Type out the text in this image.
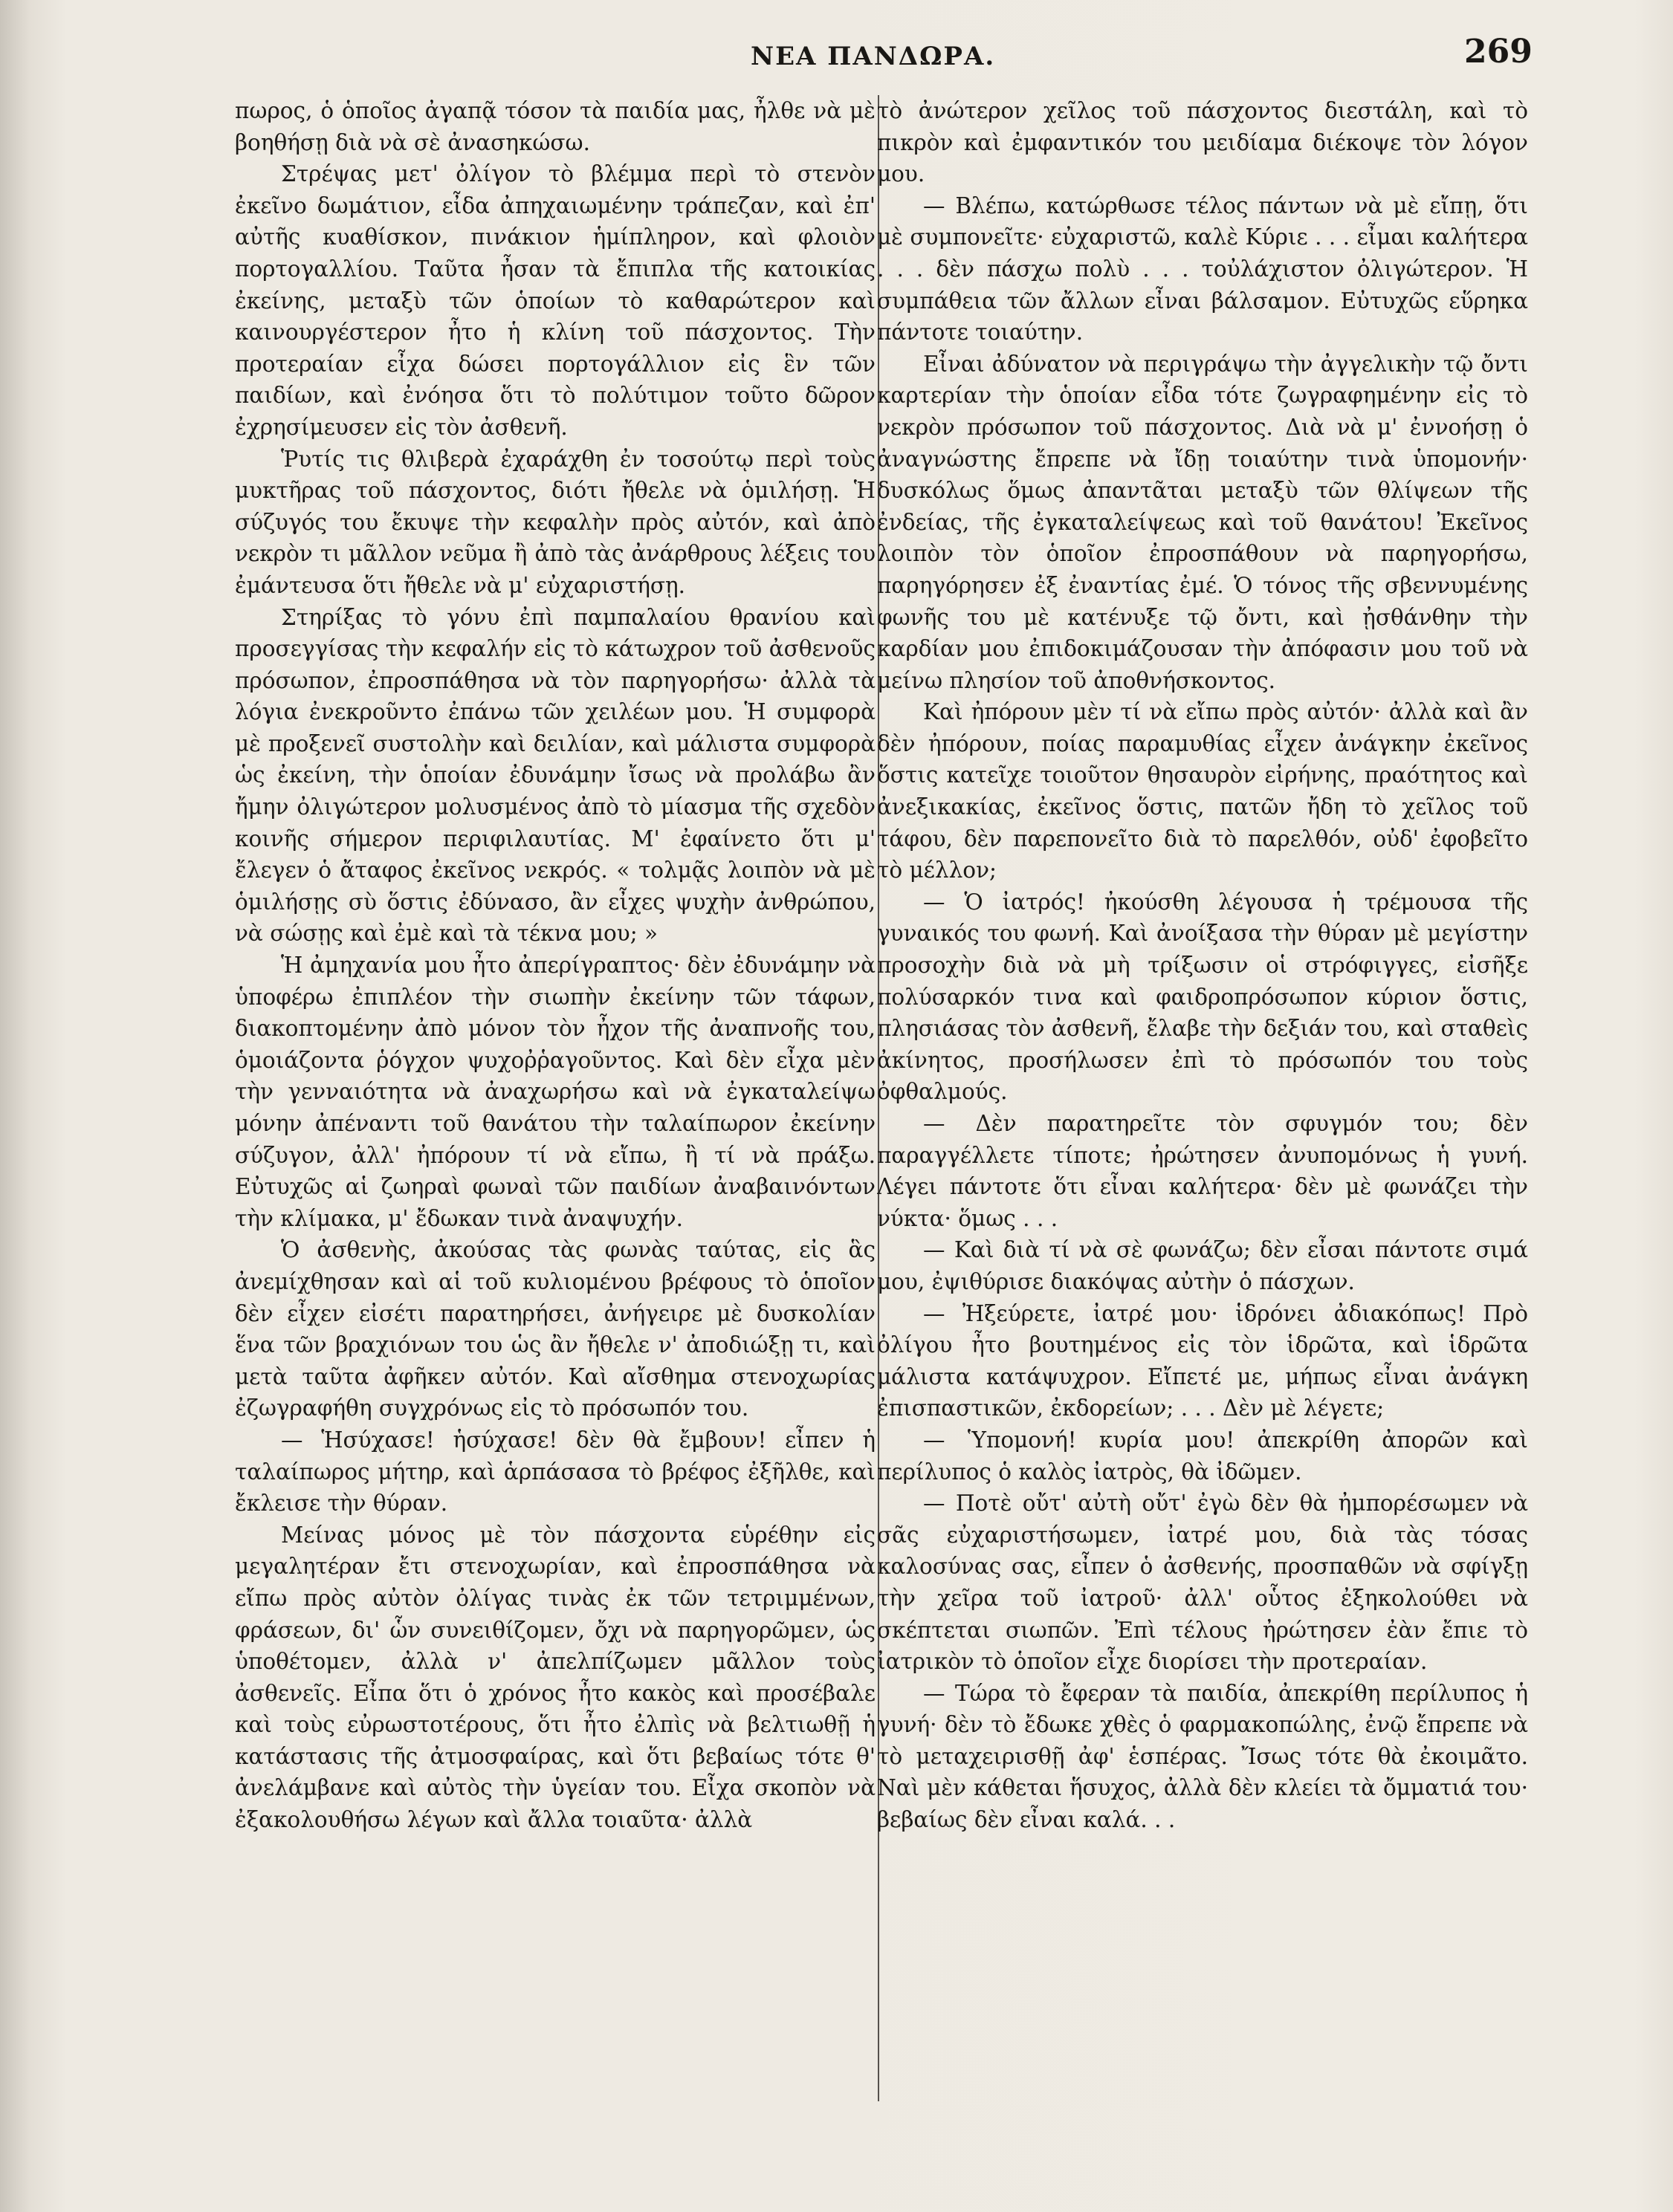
ΝΕΑ ΠΑΝΔΩΡΑ.	269

πωρος, ὁ ὁποῖος ἀγαπᾷ τόσον τὰ παιδία μας, ἦλθε νὰ μὲ βοηθήσῃ διὰ νὰ σὲ ἀνασηκώσω.

Στρέψας μετ' ὀλίγον τὸ βλέμμα περὶ τὸ στενὸν ἐκεῖνο δωμάτιον, εἶδα ἀπηχαιωμένην τράπεζαν, καὶ ἐπ' αὐτῆς κυαθίσκον, πινάκιον ἡμίπληρον, καὶ φλοιὸν πορτογαλλίου. Ταῦτα ἦσαν τὰ ἔπιπλα τῆς κατοικίας ἐκείνης, μεταξὺ τῶν ὁποίων τὸ καθαρώτερον καὶ καινουργέστερον ἦτο ἡ κλίνη τοῦ πάσχοντος. Τὴν προτεραίαν εἶχα δώσει πορτογάλλιον εἰς ἓν τῶν παιδίων, καὶ ἐνόησα ὅτι τὸ πολύτιμον τοῦτο δῶρον ἐχρησίμευσεν εἰς τὸν ἀσθενῆ.

Ῥυτίς τις θλιβερὰ ἐχαράχθη ἐν τοσούτῳ περὶ τοὺς μυκτῆρας τοῦ πάσχοντος, διότι ἤθελε νὰ ὁμιλήσῃ. Ἡ σύζυγός του ἔκυψε τὴν κεφαλὴν πρὸς αὐτόν, καὶ ἀπὸ νεκρὸν τι μᾶλλον νεῦμα ἢ ἀπὸ τὰς ἀνάρθρους λέξεις του ἐμάντευσα ὅτι ἤθελε νὰ μ' εὐχαριστήσῃ.

Στηρίξας τὸ γόνυ ἐπὶ παμπαλαίου θρανίου καὶ προσεγγίσας τὴν κεφαλήν εἰς τὸ κάτωχρον τοῦ ἀσθενοῦς πρόσωπον, ἐπροσπάθησα νὰ τὸν παρηγορήσω· ἀλλὰ τὰ λόγια ἐνεκροῦντο ἐπάνω τῶν χειλέων μου. Ἡ συμφορὰ μὲ προξενεῖ συστολὴν καὶ δειλίαν, καὶ μάλιστα συμφορὰ ὡς ἐκείνη, τὴν ὁποίαν ἐδυνάμην ἴσως νὰ προλάβω ἂν ἤμην ὀλιγώτερον μολυσμένος ἀπὸ τὸ μίασμα τῆς σχεδὸν κοινῆς σήμερον περιφιλαυτίας. Μ' ἐφαίνετο ὅτι μ' ἔλεγεν ὁ ἄταφος ἐκεῖνος νεκρός. « τολμᾷς λοιπὸν νὰ μὲ ὁμιλήσῃς σὺ ὅστις ἐδύνασο, ἂν εἶχες ψυχὴν ἀνθρώπου, νὰ σώσῃς καὶ ἐμὲ καὶ τὰ τέκνα μου; »

Ἡ ἀμηχανία μου ἦτο ἀπερίγραπτος· δὲν ἐδυνάμην νὰ ὑποφέρω ἐπιπλέον τὴν σιωπὴν ἐκείνην τῶν τάφων, διακοπτομένην ἀπὸ μόνον τὸν ἦχον τῆς ἀναπνοῆς του, ὁμοιάζοντα ῥόγχον ψυχοῤῥαγοῦντος. Καὶ δὲν εἶχα μὲν τὴν γενναιότητα νὰ ἀναχωρήσω καὶ νὰ ἐγκαταλείψω μόνην ἀπέναντι τοῦ θανάτου τὴν ταλαίπωρον ἐκείνην σύζυγον, ἀλλ' ἠπόρουν τί νὰ εἴπω, ἢ τί νὰ πράξω. Εὐτυχῶς αἱ ζωηραὶ φωναὶ τῶν παιδίων ἀναβαινόντων τὴν κλίμακα, μ' ἔδωκαν τινὰ ἀναψυχήν.

Ὁ ἀσθενὴς, ἀκούσας τὰς φωνὰς ταύτας, εἰς ἃς ἀνεμίχθησαν καὶ αἱ τοῦ κυλιομένου βρέφους τὸ ὁποῖον δὲν εἶχεν εἰσέτι παρατηρήσει, ἀνήγειρε μὲ δυσκολίαν ἕνα τῶν βραχιόνων του ὡς ἂν ἤθελε ν' ἀποδιώξῃ τι, καὶ μετὰ ταῦτα ἀφῆκεν αὐτόν. Καὶ αἴσθημα στενοχωρίας ἐζωγραφήθη συγχρόνως εἰς τὸ πρόσωπόν του.

— Ἡσύχασε! ἡσύχασε! δὲν θὰ ἔμβουν! εἶπεν ἡ ταλαίπωρος μήτηρ, καὶ ἁρπάσασα τὸ βρέφος ἐξῆλθε, καὶ ἔκλεισε τὴν θύραν.

Μείνας μόνος μὲ τὸν πάσχοντα εὑρέθην εἰς μεγαλητέραν ἔτι στενοχωρίαν, καὶ ἐπροσπάθησα νὰ εἴπω πρὸς αὐτὸν ὀλίγας τινὰς ἐκ τῶν τετριμμένων, φράσεων, δι' ὧν συνειθίζομεν, ὄχι νὰ παρηγορῶμεν, ὡς ὑποθέτομεν, ἀλλὰ ν' ἀπελπίζωμεν μᾶλλον τοὺς ἀσθενεῖς. Εἶπα ὅτι ὁ χρόνος ἦτο κακὸς καὶ προσέβαλε καὶ τοὺς εὐρωστοτέρους, ὅτι ἦτο ἐλπὶς νὰ βελτιωθῇ ἡ κατάστασις τῆς ἀτμοσφαίρας, καὶ ὅτι βεβαίως τότε θ' ἀνελάμβανε καὶ αὐτὸς τὴν ὑγείαν του. Εἶχα σκοπὸν νὰ ἐξακολουθήσω λέγων καὶ ἄλλα τοιαῦτα· ἀλλὰ

τὸ ἀνώτερον χεῖλος τοῦ πάσχοντος διεστάλη, καὶ τὸ πικρὸν καὶ ἐμφαντικόν του μειδίαμα διέκοψε τὸν λόγον μου.

— Βλέπω, κατώρθωσε τέλος πάντων νὰ μὲ εἴπῃ, ὅτι μὲ συμπονεῖτε· εὐχαριστῶ, καλὲ Κύριε . . . εἶμαι καλήτερα . . . δὲν πάσχω πολὺ . . . τοὐλάχιστον ὀλιγώτερον. Ἡ συμπάθεια τῶν ἄλλων εἶναι βάλσαμον. Εὐτυχῶς εὕρηκα πάντοτε τοιαύτην.

Εἶναι ἀδύνατον νὰ περιγράψω τὴν ἀγγελικὴν τῷ ὄντι καρτερίαν τὴν ὁποίαν εἶδα τότε ζωγραφημένην εἰς τὸ νεκρὸν πρόσωπον τοῦ πάσχοντος. Διὰ νὰ μ' ἐννοήσῃ ὁ ἀναγνώστης ἔπρεπε νὰ ἴδῃ τοιαύτην τινὰ ὑπομονήν· δυσκόλως ὅμως ἀπαντᾶται μεταξὺ τῶν θλίψεων τῆς ἐνδείας, τῆς ἐγκαταλείψεως καὶ τοῦ θανάτου! Ἐκεῖνος λοιπὸν τὸν ὁποῖον ἐπροσπάθουν νὰ παρηγορήσω, παρηγόρησεν ἐξ ἐναντίας ἐμέ. Ὁ τόνος τῆς σβεννυμένης φωνῆς του μὲ κατένυξε τῷ ὄντι, καὶ ᾐσθάνθην τὴν καρδίαν μου ἐπιδοκιμάζουσαν τὴν ἀπόφασιν μου τοῦ νὰ μείνω πλησίον τοῦ ἀποθνήσκοντος.

Καὶ ἠπόρουν μὲν τί νὰ εἴπω πρὸς αὐτόν· ἀλλὰ καὶ ἂν δὲν ἠπόρουν, ποίας παραμυθίας εἶχεν ἀνάγκην ἐκεῖνος ὅστις κατεῖχε τοιοῦτον θησαυρὸν εἰρήνης, πραότητος καὶ ἀνεξικακίας, ἐκεῖνος ὅστις, πατῶν ἤδη τὸ χεῖλος τοῦ τάφου, δὲν παρεπονεῖτο διὰ τὸ παρελθόν, οὐδ' ἐφοβεῖτο τὸ μέλλον;

— Ὁ ἰατρός! ἠκούσθη λέγουσα ἡ τρέμουσα τῆς γυναικός του φωνή. Καὶ ἀνοίξασα τὴν θύραν μὲ μεγίστην προσοχὴν διὰ νὰ μὴ τρίξωσιν οἱ στρόφιγγες, εἰσῆξε πολύσαρκόν τινα καὶ φαιδροπρόσωπον κύριον ὅστις, πλησιάσας τὸν ἀσθενῆ, ἔλαβε τὴν δεξιάν του, καὶ σταθεὶς ἀκίνητος, προσήλωσεν ἐπὶ τὸ πρόσωπόν του τοὺς ὀφθαλμούς.

— Δὲν παρατηρεῖτε τὸν σφυγμόν του; δὲν παραγγέλλετε τίποτε; ἠρώτησεν ἀνυπομόνως ἡ γυνή. Λέγει πάντοτε ὅτι εἶναι καλήτερα· δὲν μὲ φωνάζει τὴν νύκτα· ὅμως . . .

— Καὶ διὰ τί νὰ σὲ φωνάζω; δὲν εἶσαι πάντοτε σιμά μου, ἐψιθύρισε διακόψας αὐτὴν ὁ πάσχων.

— Ἠξεύρετε, ἰατρέ μου· ἱδρόνει ἀδιακόπως! Πρὸ ὀλίγου ἦτο βουτημένος εἰς τὸν ἱδρῶτα, καὶ ἱδρῶτα μάλιστα κατάψυχρον. Εἴπετέ με, μήπως εἶναι ἀνάγκη ἐπισπαστικῶν, ἐκδορείων; . . . Δὲν μὲ λέγετε;

— Ὑπομονή! κυρία μου! ἀπεκρίθη ἀπορῶν καὶ περίλυπος ὁ καλὸς ἰατρὸς, θὰ ἰδῶμεν.

— Ποτὲ οὔτ' αὐτὴ οὔτ' ἐγὼ δὲν θὰ ἠμπορέσωμεν νὰ σᾶς εὐχαριστήσωμεν, ἰατρέ μου, διὰ τὰς τόσας καλοσύνας σας, εἶπεν ὁ ἀσθενής, προσπαθῶν νὰ σφίγξῃ τὴν χεῖρα τοῦ ἰατροῦ· ἀλλ' οὗτος ἐξηκολούθει νὰ σκέπτεται σιωπῶν. Ἐπὶ τέλους ἠρώτησεν ἐὰν ἔπιε τὸ ἰατρικὸν τὸ ὁποῖον εἶχε διορίσει τὴν προτεραίαν.

— Τώρα τὸ ἔφεραν τὰ παιδία, ἀπεκρίθη περίλυπος ἡ γυνή· δὲν τὸ ἔδωκε χθὲς ὁ φαρμακοπώλης, ἐνῷ ἔπρεπε νὰ τὸ μεταχειρισθῇ ἀφ' ἑσπέρας. Ἴσως τότε θὰ ἐκοιμᾶτο. Ναὶ μὲν κάθεται ἥσυχος, ἀλλὰ δὲν κλείει τὰ ὄμματιά του· βεβαίως δὲν εἶναι καλά. . .
